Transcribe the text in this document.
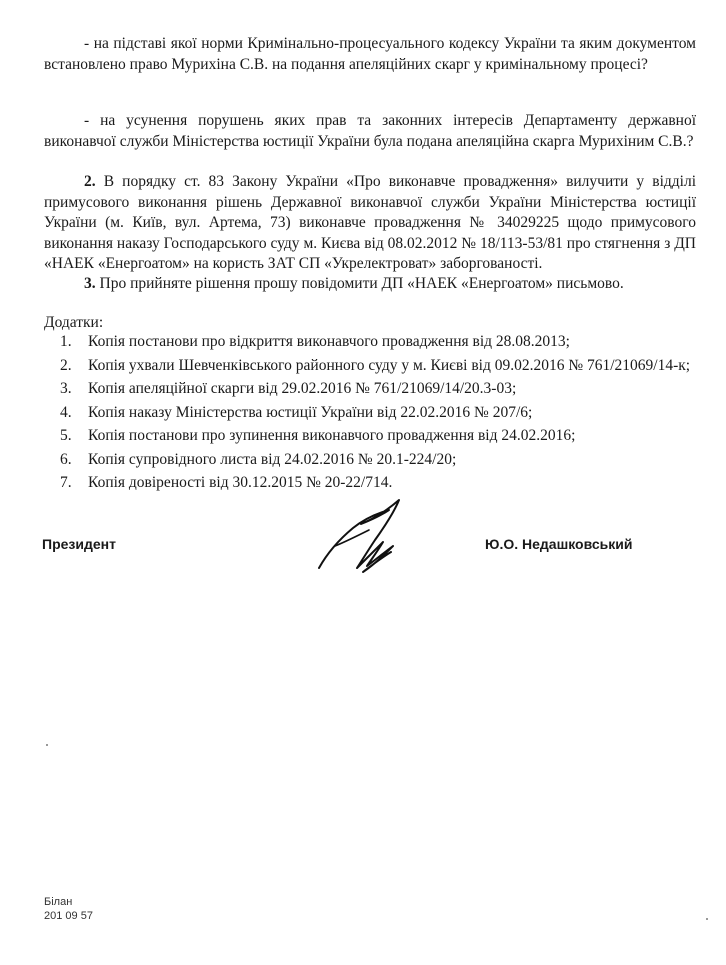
- на підставі якої норми Кримінально-процесуального кодексу України та яким документом встановлено право Мурихіна С.В. на подання апеляційних скарг у кримінальному процесі?

- на усунення порушень яких прав та законних інтересів Департаменту державної виконавчої служби Міністерства юстиції України була подана апеляційна скарга Мурихіним С.В.?

2. В порядку ст. 83 Закону України «Про виконавче провадження» вилучити у відділі примусового виконання рішень Державної виконавчої служби України Міністерства юстиції України (м. Київ, вул. Артема, 73) виконавче провадження № 34029225 щодо примусового виконання наказу Господарського суду м. Києва від 08.02.2012 № 18/113-53/81 про стягнення з ДП «НАЕК «Енергоатом» на користь ЗАТ СП «Укрелектроват» заборгованості.

3. Про прийняте рішення прошу повідомити ДП «НАЕК «Енергоатом» письмово.

Додатки:
1. Копія постанови про відкриття виконавчого провадження від 28.08.2013;
2. Копія ухвали Шевченківського районного суду у м. Києві від 09.02.2016 № 761/21069/14-к;
3. Копія апеляційної скарги від 29.02.2016 № 761/21069/14/20.3-03;
4. Копія наказу Міністерства юстиції України від 22.02.2016 № 207/6;
5. Копія постанови про зупинення виконавчого провадження від 24.02.2016;
6. Копія супровідного листа від 24.02.2016 № 20.1-224/20;
7. Копія довіреності від 30.12.2015 № 20-22/714.
Президент	Ю.О. Недашковський
Білан
201 09 57
